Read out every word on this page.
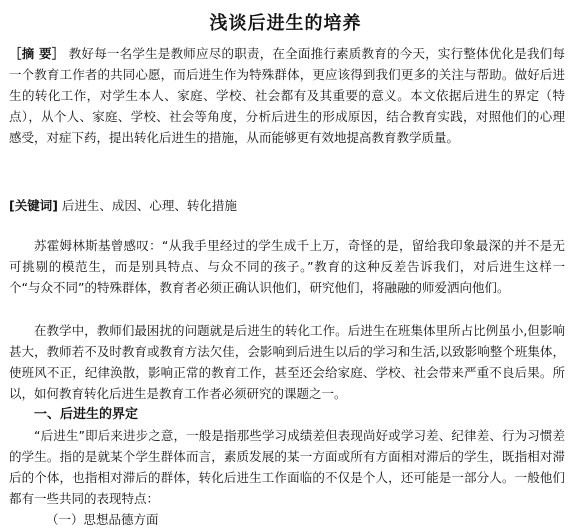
浅谈后进生的培养

［摘 要］ 教好每一名学生是教师应尽的职责，在全面推行素质教育的今天，实行整体优化是我们每一个教育工作者的共同心愿，而后进生作为特殊群体，更应该得到我们更多的关注与帮助。做好后进生的转化工作，对学生本人、家庭、学校、社会都有及其重要的意义。本文依据后进生的界定（特点），从个人、家庭、学校、社会等角度，分析后进生的形成原因，结合教育实践，对照他们的心理感受，对症下药，提出转化后进生的措施，从而能够更有效地提高教育教学质量。

[关键词] 后进生、成因、心理、转化措施

苏霍姆林斯基曾感叹：“从我手里经过的学生成千上万，奇怪的是，留给我印象最深的并不是无可挑剔的模范生，而是别具特点、与众不同的孩子。”教育的这种反差告诉我们，对后进生这样一个“与众不同”的特殊群体，教育者必须正确认识他们，研究他们，将融融的师爱洒向他们。

在教学中，教师们最困扰的问题就是后进生的转化工作。后进生在班集体里所占比例虽小,但影响甚大，教师若不及时教育或教育方法欠佳，会影响到后进生以后的学习和生活,以致影响整个班集体，使班风不正，纪律涣散，影响正常的教育工作，甚至还会给家庭、学校、社会带来严重不良后果。所以，如何教育转化后进生是教育工作者必须研究的课题之一。

一、后进生的界定

“后进生”即后来进步之意，一般是指那些学习成绩差但表现尚好或学习差、纪律差、行为习惯差的学生。指的是就某个学生群体而言，素质发展的某一方面或所有方面相对滞后的学生，既指相对滞后的个体，也指相对滞后的群体，转化后进生工作面临的不仅是个人，还可能是一部分人。一般他们都有一些共同的表现特点：

（一）思想品德方面
